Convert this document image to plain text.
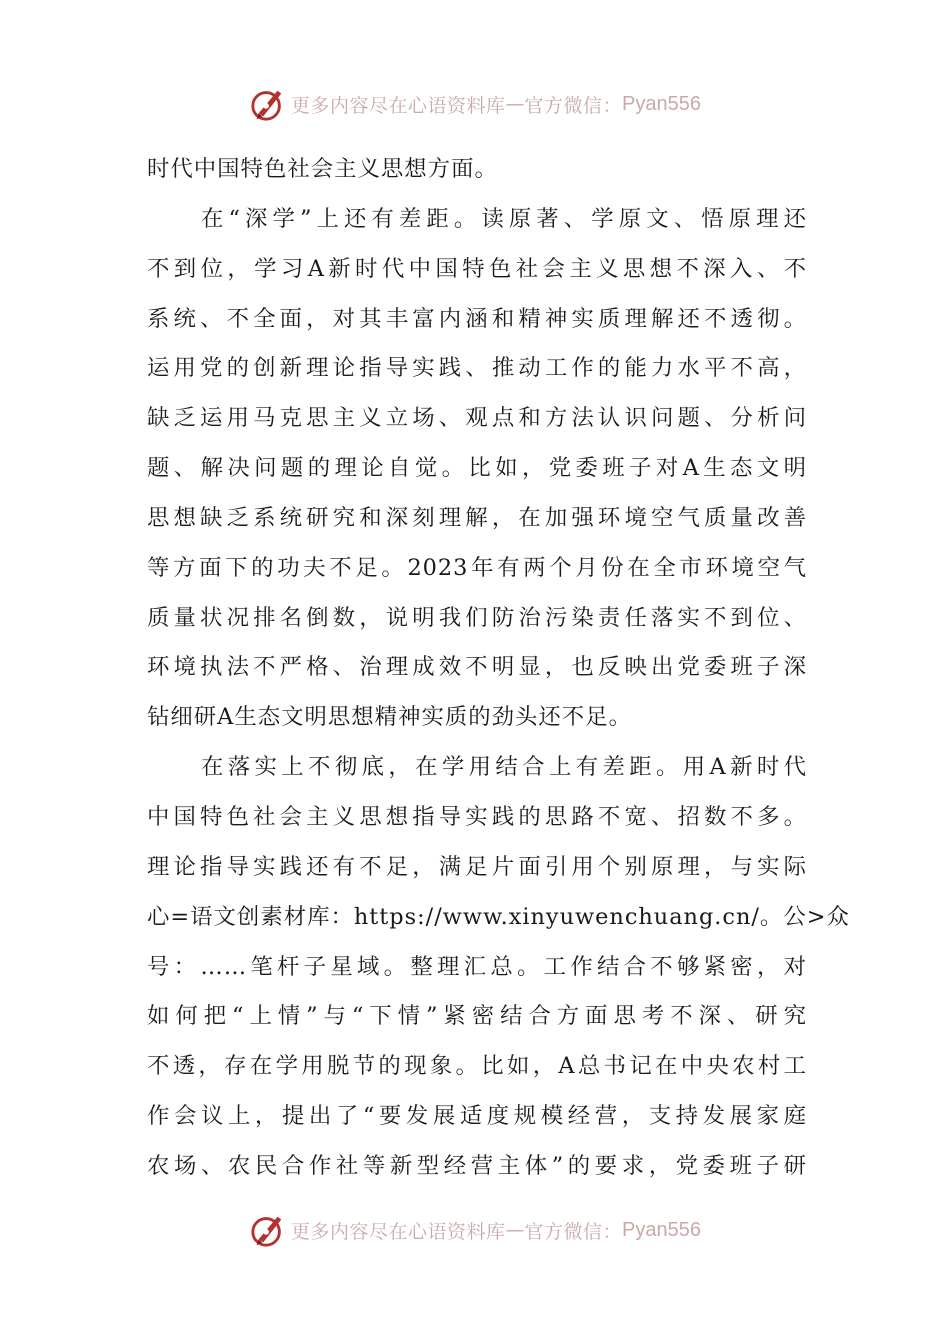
更多内容尽在心语资料库 — 官方微信： Pyan556
时代中国特色社会主义思想方面。
在“深学”上还有差距。读原著、学原文、悟原理还
不到位，学习A新时代中国特色社会主义思想不深入、不
系统、不全面，对其丰富内涵和精神实质理解还不透彻。
运用党的创新理论指导实践、推动工作的能力水平不高，
缺乏运用马克思主义立场、观点和方法认识问题、分析问
题、解决问题的理论自觉。比如，党委班子对A生态文明
思想缺乏系统研究和深刻理解，在加强环境空气质量改善
等方面下的功夫不足。2023年有两个月份在全市环境空气
质量状况排名倒数，说明我们防治污染责任落实不到位、
环境执法不严格、治理成效不明显，也反映出党委班子深
钻细研A生态文明思想精神实质的劲头还不足。
在落实上不彻底，在学用结合上有差距。用A新时代
中国特色社会主义思想指导实践的思路不宽、招数不多。
理论指导实践还有不足，满足片面引用个别原理，与实际
心=语文创素材库：https://www.xinyuwenchuang.cn/。公>众
号：……笔杆子星域。整理汇总。工作结合不够紧密，对
如何把“上情”与“下情”紧密结合方面思考不深、研究
不透，存在学用脱节的现象。比如，A总书记在中央农村工
作会议上，提出了“要发展适度规模经营，支持发展家庭
农场、农民合作社等新型经营主体”的要求，党委班子研
更多内容尽在心语资料库 — 官方微信： Pyan556
